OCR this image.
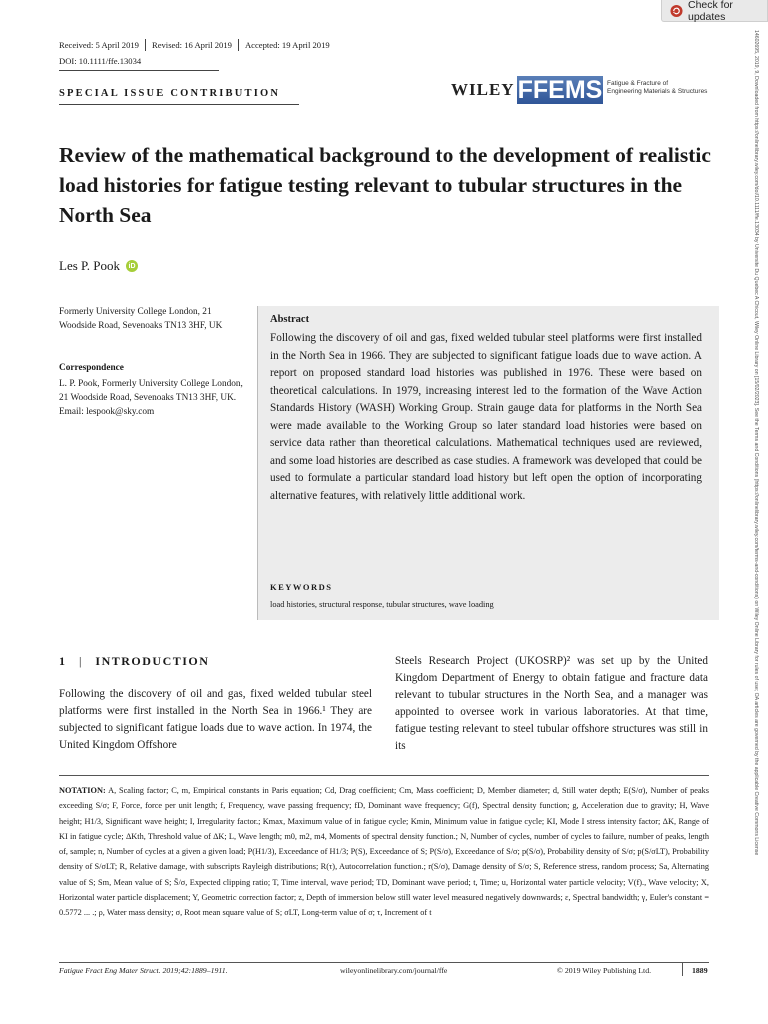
Check for updates
Received: 5 April 2019	Revised: 16 April 2019	Accepted: 19 April 2019
DOI: 10.1111/ffe.13034
SPECIAL ISSUE CONTRIBUTION	WILEY FFEMS Fatigue & Fracture of
Engineering Materials & Structures
Review of the mathematical background to the development of realistic load histories for fatigue testing relevant to tubular structures in the North Sea
Les P. Pook	iD
Formerly University College London, 21 Woodside Road, Sevenoaks TN13 3HF, UK
Correspondence
L. P. Pook, Formerly University College London, 21 Woodside Road, Sevenoaks TN13 3HF, UK.
Email: lespook@sky.com
Abstract
Following the discovery of oil and gas, fixed welded tubular steel platforms were first installed in the North Sea in 1966. They are subjected to significant fatigue loads due to wave action. A report on proposed standard load histories was published in 1976. These were based on theoretical calculations. In 1979, increasing interest led to the formation of the Wave Action Standards History (WASH) Working Group. Strain gauge data for platforms in the North Sea were made available to the Working Group so later standard load histories were based on service data rather than theoretical calculations. Mathematical techniques used are reviewed, and some load histories are described as case studies. A framework was developed that could be used to formulate a particular standard load history but left open the option of incorporating alternative features, with relatively little additional work.
KEYWORDS
load histories, structural response, tubular structures, wave loading
1 | INTRODUCTION
Following the discovery of oil and gas, fixed welded tubular steel platforms were first installed in the North Sea in 1966.¹ They are subjected to significant fatigue loads due to wave action. In 1974, the United Kingdom Offshore
Steels Research Project (UKOSRP)² was set up by the United Kingdom Department of Energy to obtain fatigue and fracture data relevant to tubular structures in the North Sea, and a manager was appointed to oversee work in various laboratories. At that time, fatigue testing relevant to steel tubular offshore structures was still in its
NOTATION: A, Scaling factor; C, m, Empirical constants in Paris equation; Cd, Drag coefficient; Cm, Mass coefficient; D, Member diameter; d, Still water depth; E(S/σ), Number of peaks exceeding S/σ; F, Force, force per unit length; f, Frequency, wave passing frequency; fD, Dominant wave frequency; G(f), Spectral density function; g, Acceleration due to gravity; H, Wave height; H1/3, Significant wave height; I, Irregularity factor.; Kmax, Maximum value of in fatigue cycle; Kmin, Minimum value in fatigue cycle; KI, Mode I stress intensity factor; ΔK, Range of KI in fatigue cycle; ΔKth, Threshold value of ΔK; L, Wave length; m0, m2, m4, Moments of spectral density function.; N, Number of cycles, number of cycles to failure, number of peaks, length of, sample; n, Number of cycles at a given a given load; P(H1/3), Exceedance of H1/3; P(S), Exceedance of S; P(S/σ), Exceedance of S/σ; p(S/σ), Probability density of S/σ; p(S/σLT), Probability density of S/σLT; R, Relative damage, with subscripts Rayleigh distributions; R(τ), Autocorrelation function.; r(S/σ), Damage density of S/σ; S, Reference stress, random process; Sa, Alternating value of S; Sm, Mean value of S; S̄/σ, Expected clipping ratio; T, Time interval, wave period; TD, Dominant wave period; t, Time; u, Horizontal water particle velocity; V(f)., Wave velocity; X, Horizontal water particle displacement; Y, Geometric correction factor; z, Depth of immersion below still water level measured negatively downwards; ε, Spectral bandwidth; γ, Euler's constant = 0.5772 ... .; ρ, Water mass density; σ, Root mean square value of S; σLT, Long-term value of σ; τ, Increment of t
Fatigue Fract Eng Mater Struct. 2019;42:1889–1911.	wileyonlinelibrary.com/journal/ffe	© 2019 Wiley Publishing Ltd.	1889
14602695, 2019, 9, Downloaded from https://onlinelibrary.wiley.com/doi/10.1111/ffe.13034 by Universite Du Quebec A Chicout, Wiley Online Library on [15/02/2023]. See the Terms and Conditions (https://onlinelibrary.wiley.com/terms-and-conditions) on Wiley Online Library for rules of use; OA articles are governed by the applicable Creative Commons License
